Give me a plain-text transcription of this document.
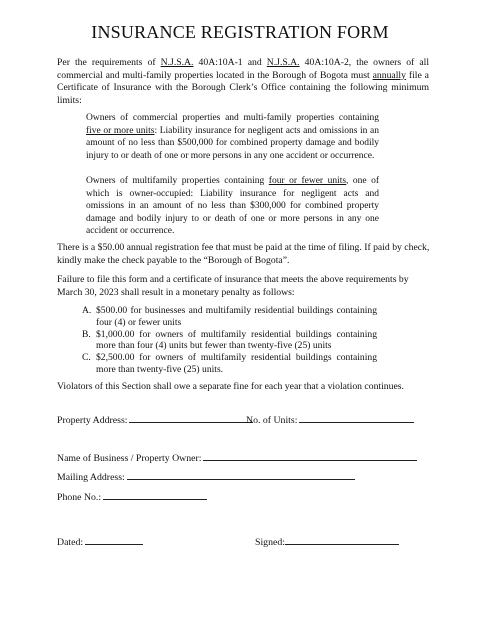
INSURANCE REGISTRATION FORM

Per the requirements of N.J.S.A. 40A:10A-1 and N.J.S.A. 40A:10A-2, the owners of all commercial and multi-family properties located in the Borough of Bogota must annually file a Certificate of Insurance with the Borough Clerk’s Office containing the following minimum limits:

Owners of commercial properties and multi-family properties containing five or more units: Liability insurance for negligent acts and omissions in an amount of no less than $500,000 for combined property damage and bodily injury to or death of one or more persons in any one accident or occurrence.

Owners of multifamily properties containing four or fewer units, one of which is owner-occupied: Liability insurance for negligent acts and omissions in an amount of no less than $300,000 for combined property damage and bodily injury to or death of one or more persons in any one accident or occurrence.

There is a $50.00 annual registration fee that must be paid at the time of filing. If paid by check, kindly make the check payable to the “Borough of Bogota”.

Failure to file this form and a certificate of insurance that meets the above requirements by March 30, 2023 shall result in a monetary penalty as follows:

A. $500.00 for businesses and multifamily residential buildings containing four (4) or fewer units
B. $1,000.00 for owners of multifamily residential buildings containing more than four (4) units but fewer than twenty-five (25) units
C. $2,500.00 for owners of multifamily residential buildings containing more than twenty-five (25) units.

Violators of this Section shall owe a separate fine for each year that a violation continues.

Property Address:	No. of Units:
Name of Business / Property Owner:
Mailing Address:
Phone No.:
Dated:	Signed:
